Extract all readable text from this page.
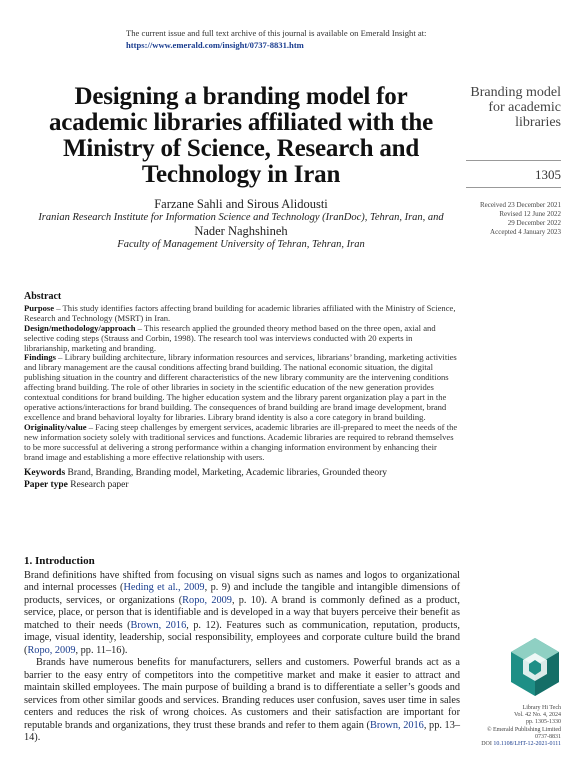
The current issue and full text archive of this journal is available on Emerald Insight at:
https://www.emerald.com/insight/0737-8831.htm
Designing a branding model for academic libraries affiliated with the Ministry of Science, Research and Technology in Iran
Branding model for academic libraries
1305
Received 23 December 2021
Revised 12 June 2022
29 December 2022
Accepted 4 January 2023
Farzane Sahli and Sirous Alidousti
Iranian Research Institute for Information Science and Technology (IranDoc), Tehran, Iran, and
Nader Naghshineh
Faculty of Management University of Tehran, Tehran, Iran
Abstract

Purpose – This study identifies factors affecting brand building for academic libraries affiliated with the Ministry of Science, Research and Technology (MSRT) in Iran.

Design/methodology/approach – This research applied the grounded theory method based on the three open, axial and selective coding steps (Strauss and Corbin, 1998). The research tool was interviews conducted with 20 experts in librarianship, marketing and branding.

Findings – Library building architecture, library information resources and services, librarians’ branding, marketing activities and library management are the causal conditions affecting brand building. The national economic situation, the digital publishing situation in the country and different characteristics of the new library community are the intervening conditions affecting brand building. The role of other libraries in society in the scientific education of the new generation provides contextual conditions for brand building. The higher education system and the library parent organization play a part in the operative actions/interactions for brand building. The consequences of brand building are brand image development, brand excellence and brand behavioral loyalty for libraries. Library brand identity is also a core category in brand building.

Originality/value – Facing steep challenges by emergent services, academic libraries are ill-prepared to meet the needs of the new information society solely with traditional services and functions. Academic libraries are required to rebrand themselves to be more successful at delivering a strong performance within a changing information environment by enhancing their brand image and establishing a more effective relationship with users.

Keywords Brand, Branding, Branding model, Marketing, Academic libraries, Grounded theory
Paper type Research paper
1. Introduction

Brand definitions have shifted from focusing on visual signs such as names and logos to organizational and internal processes (Heding et al., 2009, p. 9) and include the tangible and intangible dimensions of products, services, or organizations (Ropo, 2009, p. 10). A brand is commonly defined as a product, service, place, or person that is identifiable and is developed in a way that buyers perceive their benefit as matched to their needs (Brown, 2016, p. 12). Features such as communication, reputation, products, image, visual identity, leadership, social responsibility, employees and corporate culture build the brand (Ropo, 2009, pp. 11–16).

Brands have numerous benefits for manufacturers, sellers and customers. Powerful brands act as a barrier to the easy entry of competitors into the competitive market and make it easier to attract and maintain skilled employees. The main purpose of building a brand is to differentiate a seller’s goods and services from other similar goods and services. Branding reduces user confusion, saves user time in sales centers and reduces the risk of wrong choices. As customers and their satisfaction are important for reputable brands and organizations, they trust these brands and refer to them again (Brown, 2016, pp. 13–14).

Library Hi Tech
Vol. 42 No. 4, 2024
pp. 1305-1330
© Emerald Publishing Limited
0737-8831
DOI 10.1108/LHT-12-2021-0111
